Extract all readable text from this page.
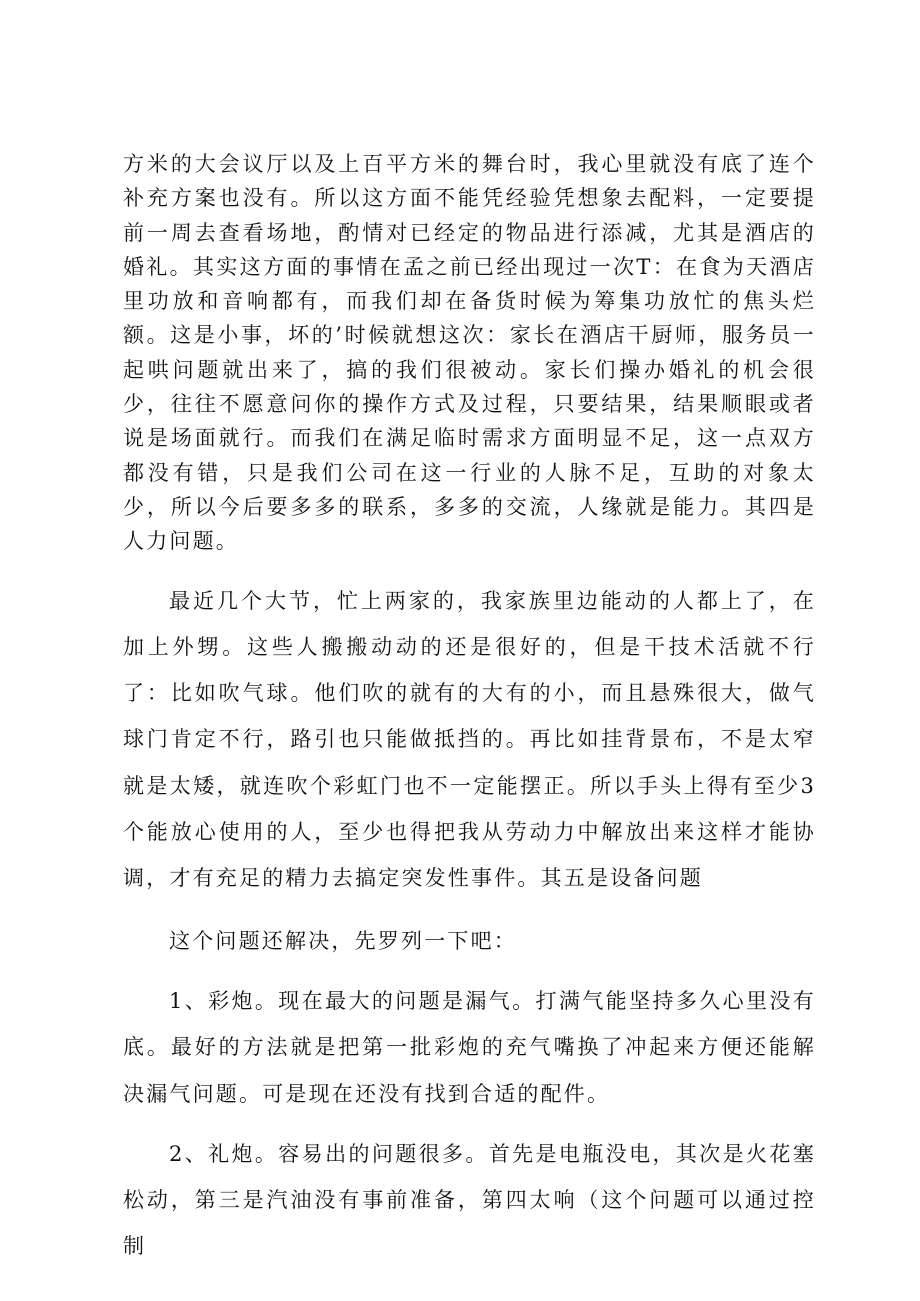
方米的大会议厅以及上百平方米的舞台时，我心里就没有底了连个补充方案也没有。所以这方面不能凭经验凭想象去配料，一定要提前一周去查看场地，酌情对已经定的物品进行添减，尤其是酒店的婚礼。其实这方面的事情在孟之前已经出现过一次T：在食为天酒店里功放和音响都有，而我们却在备货时候为筹集功放忙的焦头烂额。这是小事，坏的’时候就想这次：家长在酒店干厨师，服务员一起哄问题就出来了，搞的我们很被动。家长们操办婚礼的机会很少，往往不愿意问你的操作方式及过程，只要结果，结果顺眼或者说是场面就行。而我们在满足临时需求方面明显不足，这一点双方都没有错，只是我们公司在这一行业的人脉不足，互助的对象太少，所以今后要多多的联系，多多的交流，人缘就是能力。其四是人力问题。

最近几个大节，忙上两家的，我家族里边能动的人都上了，在加上外甥。这些人搬搬动动的还是很好的，但是干技术活就不行了：比如吹气球。他们吹的就有的大有的小，而且悬殊很大，做气球门肯定不行，路引也只能做抵挡的。再比如挂背景布，不是太窄就是太矮，就连吹个彩虹门也不一定能摆正。所以手头上得有至少3个能放心使用的人，至少也得把我从劳动力中解放出来这样才能协调，才有充足的精力去搞定突发性事件。其五是设备问题

这个问题还解决，先罗列一下吧：

1、彩炮。现在最大的问题是漏气。打满气能坚持多久心里没有底。最好的方法就是把第一批彩炮的充气嘴换了冲起来方便还能解决漏气问题。可是现在还没有找到合适的配件。

2、礼炮。容易出的问题很多。首先是电瓶没电，其次是火花塞松动，第三是汽油没有事前准备，第四太响（这个问题可以通过控制
